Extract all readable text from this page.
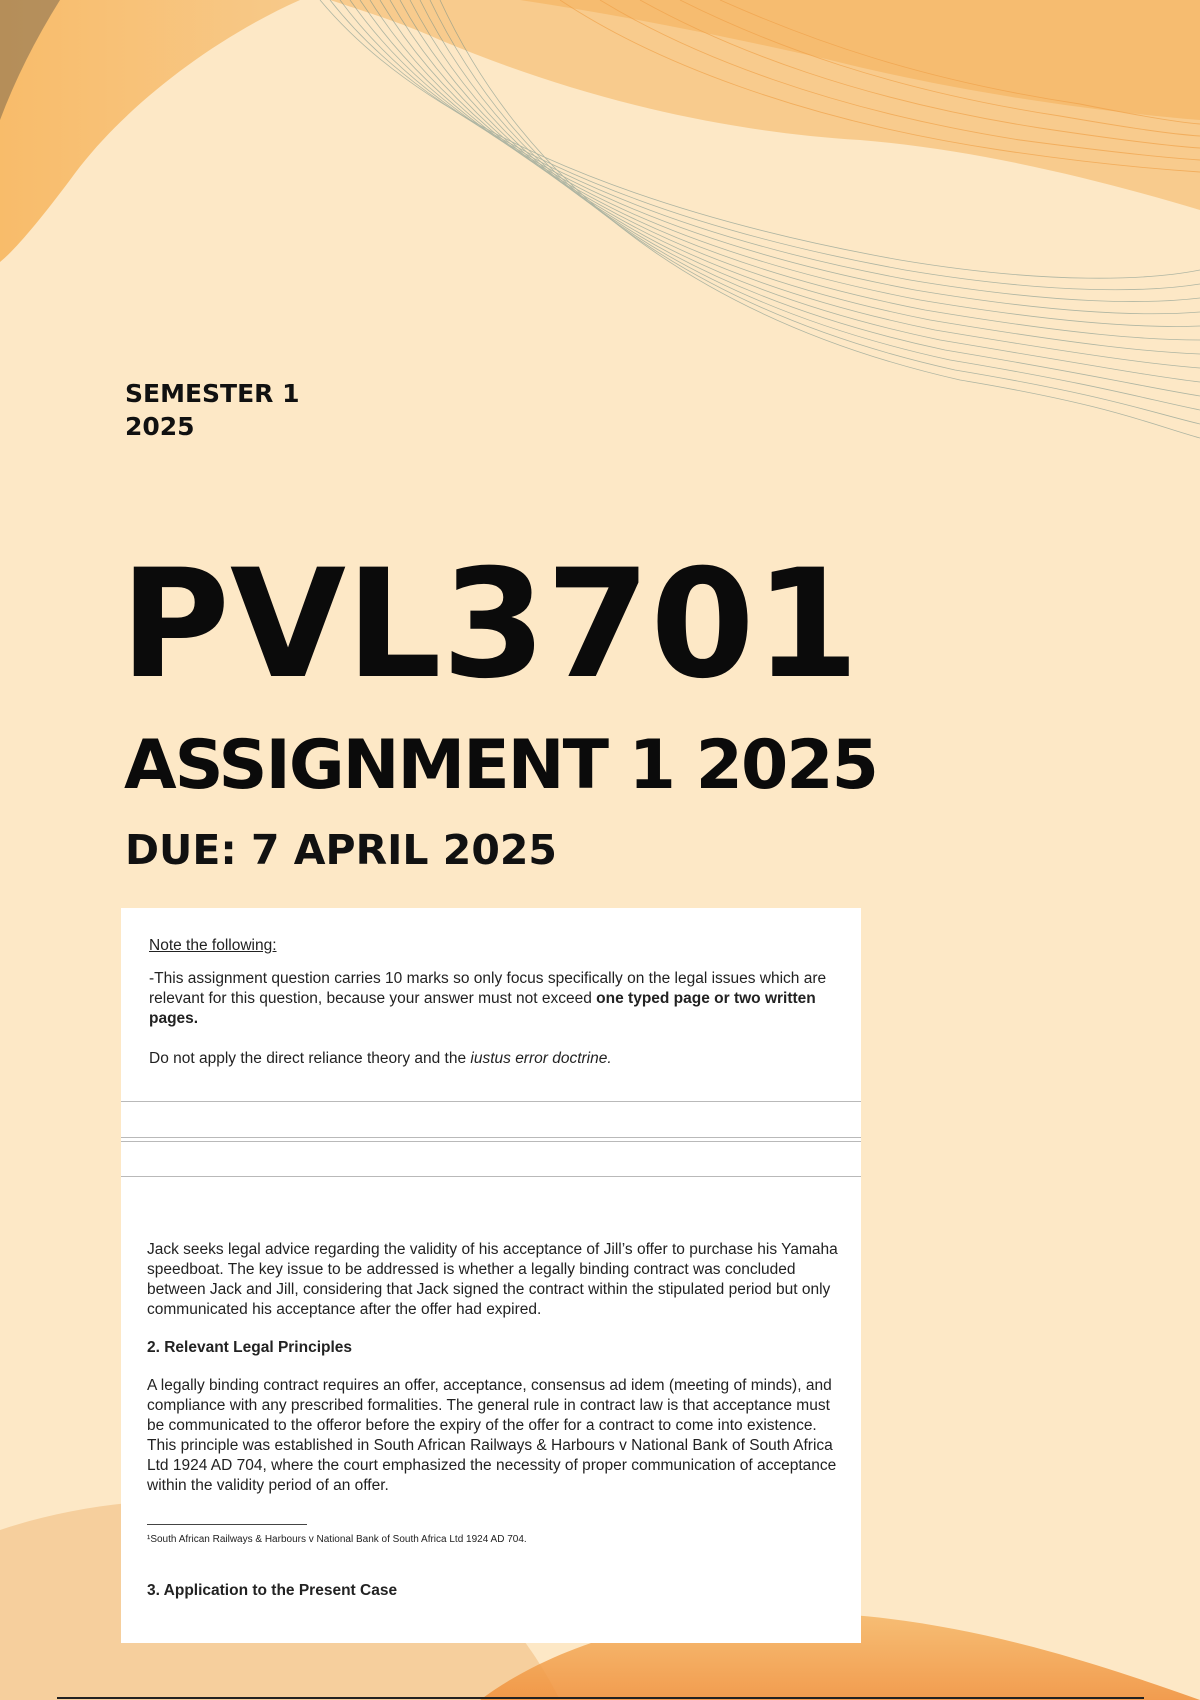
SEMESTER 1
2025
PVL3701
ASSIGNMENT 1 2025
DUE: 7 APRIL 2025

Note the following:

-This assignment question carries 10 marks so only focus specifically on the legal issues which are relevant for this question, because your answer must not exceed one typed page or two written pages.

Do not apply the direct reliance theory and the iustus error doctrine.

Jack seeks legal advice regarding the validity of his acceptance of Jill’s offer to purchase his Yamaha speedboat. The key issue to be addressed is whether a legally binding contract was concluded between Jack and Jill, considering that Jack signed the contract within the stipulated period but only communicated his acceptance after the offer had expired.

2. Relevant Legal Principles

A legally binding contract requires an offer, acceptance, consensus ad idem (meeting of minds), and compliance with any prescribed formalities. The general rule in contract law is that acceptance must be communicated to the offeror before the expiry of the offer for a contract to come into existence. This principle was established in South African Railways & Harbours v National Bank of South Africa Ltd 1924 AD 704, where the court emphasized the necessity of proper communication of acceptance within the validity period of an offer.

¹South African Railways & Harbours v National Bank of South Africa Ltd 1924 AD 704.

3. Application to the Present Case
